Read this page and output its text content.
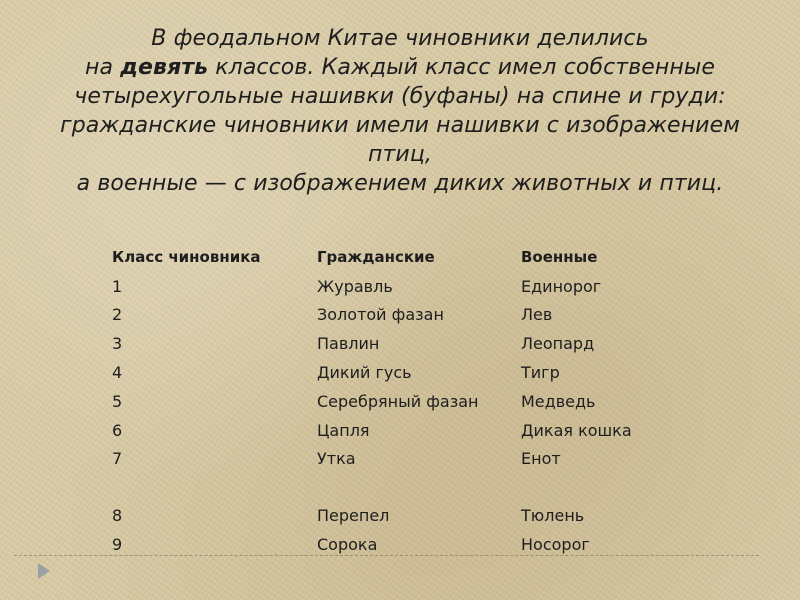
В феодальном Китае чиновники делились
на девять классов. Каждый класс имел собственные
четырехугольные нашивки (буфаны) на спине и груди:
гражданские чиновники имели нашивки с изображением
птиц,
а военные — с изображением диких животных и птиц.
Класс чиновника	Гражданские	Военные
1	Журавль	Единорог
2	Золотой фазан	Лев
3	Павлин	Леопард
4	Дикий гусь	Тигр
5	Серебряный фазан	Медведь
6	Цапля	Дикая кошка
7	Утка	Енот

8	Перепел	Тюлень
9	Сорока	Носорог
